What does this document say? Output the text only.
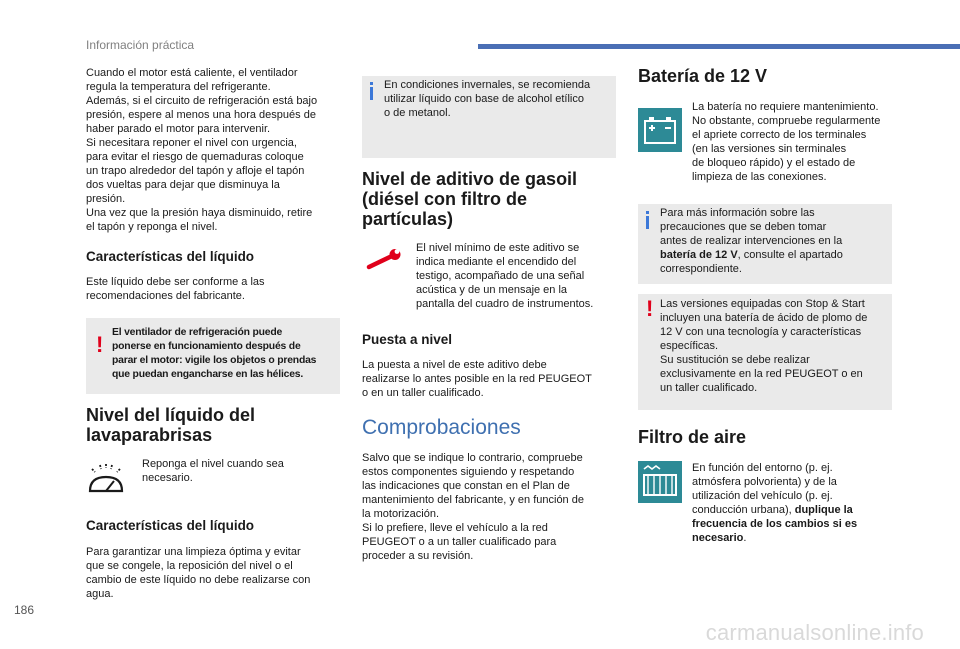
Información práctica

Cuando el motor está caliente, el ventilador
regula la temperatura del refrigerante.
Además, si el circuito de refrigeración está bajo
presión, espere al menos una hora después de
haber parado el motor para intervenir.
Si necesitara reponer el nivel con urgencia,
para evitar el riesgo de quemaduras coloque
un trapo alrededor del tapón y afloje el tapón
dos vueltas para dejar que disminuya la
presión.
Una vez que la presión haya disminuido, retire
el tapón y reponga el nivel.

Características del líquido

Este líquido debe ser conforme a las
recomendaciones del fabricante.

! El ventilador de refrigeración puede
ponerse en funcionamiento después de
parar el motor: vigile los objetos o prendas
que puedan engancharse en las hélices.
Nivel del líquido del
lavaparabrisas
Reponga el nivel cuando sea
necesario.
Características del líquido

Para garantizar una limpieza óptima y evitar
que se congele, la reposición del nivel o el
cambio de este líquido no debe realizarse con
agua.

En condiciones invernales, se recomienda
utilizar líquido con base de alcohol etílico
o de metanol.
Nivel de aditivo de gasoil
(diésel con filtro de
partículas)
El nivel mínimo de este aditivo se
indica mediante el encendido del
testigo, acompañado de una señal
acústica y de un mensaje en la
pantalla del cuadro de instrumentos.
Puesta a nivel

La puesta a nivel de este aditivo debe
realizarse lo antes posible en la red PEUGEOT
o en un taller cualificado.

Comprobaciones

Salvo que se indique lo contrario, compruebe
estos componentes siguiendo y respetando
las indicaciones que constan en el Plan de
mantenimiento del fabricante, y en función de
la motorización.
Si lo prefiere, lleve el vehículo a la red
PEUGEOT o a un taller cualificado para
proceder a su revisión.

Batería de 12 V
La batería no requiere mantenimiento.
No obstante, compruebe regularmente
el apriete correcto de los terminales
(en las versiones sin terminales
de bloqueo rápido) y el estado de
limpieza de las conexiones.
Para más información sobre las
precauciones que se deben tomar
antes de realizar intervenciones en la
batería de 12 V, consulte el apartado
correspondiente.
! Las versiones equipadas con Stop & Start
incluyen una batería de ácido de plomo de
12 V con una tecnología y características
específicas.
Su sustitución se debe realizar
exclusivamente en la red PEUGEOT o en
un taller cualificado.
Filtro de aire
En función del entorno (p. ej.
atmósfera polvorienta) y de la
utilización del vehículo (p. ej.
conducción urbana), duplique la
frecuencia de los cambios si es
necesario.
186
carmanualsonline.info
